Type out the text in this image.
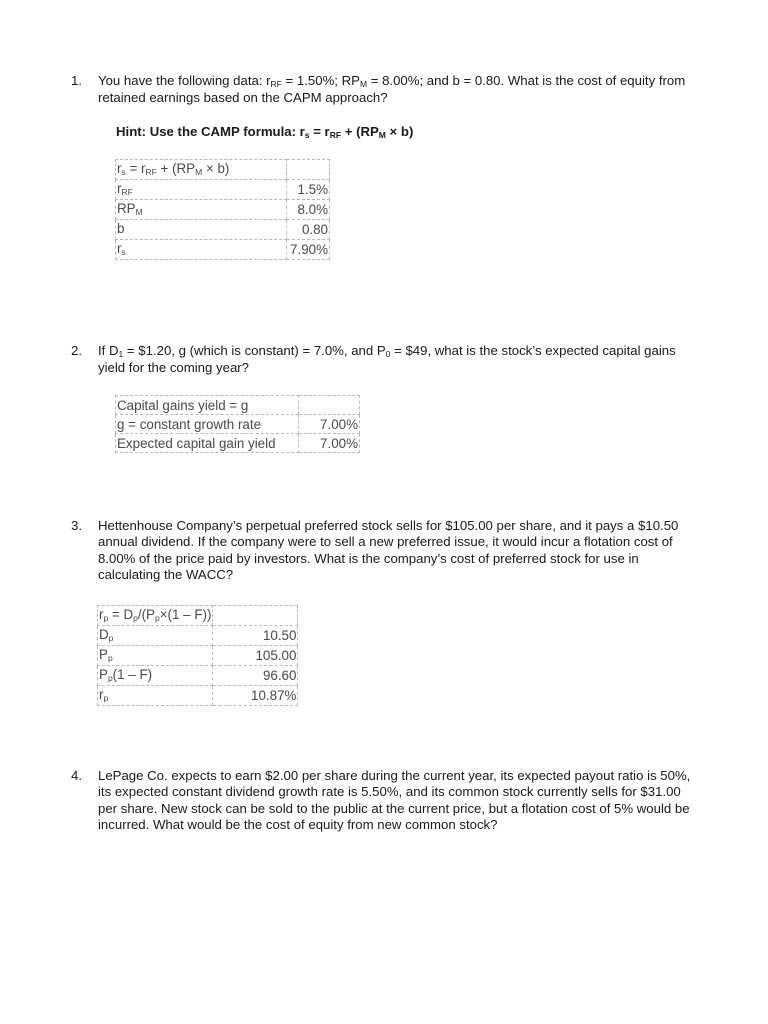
1. You have the following data: $r_{RF} = 1.50\%$; $RP_M = 8.00\%$; and b = 0.80. What is the cost of equity from retained earnings based on the CAPM approach?
Hint: Use the CAMP formula: $r_s = r_{RF} + (RP_M \times b)$
$r_s = r_{RF} + (RP_M \times b)$	
$r_{RF}$	1.5%
$RP_M$	8.0%
b	0.80
$r_s$	7.90%
2. If $D_1$ = $1.20, g (which is constant) = 7.0%, and $P_0$ = $49, what is the stock’s expected capital gains yield for the coming year?
Capital gains yield = g	
g = constant growth rate	7.00%
Expected capital gain yield	7.00%
3. Hettenhouse Company’s perpetual preferred stock sells for $105.00 per share, and it pays a $10.50 annual dividend. If the company were to sell a new preferred issue, it would incur a flotation cost of 8.00% of the price paid by investors. What is the company’s cost of preferred stock for use in calculating the WACC?
$r_p = D_p/(P_p\times(1 - F))$	
$D_p$	10.50
$P_p$	105.00
$P_p(1 - F)$	96.60
$r_p$	10.87%
4. LePage Co. expects to earn $2.00 per share during the current year, its expected payout ratio is 50%, its expected constant dividend growth rate is 5.50%, and its common stock currently sells for $31.00 per share. New stock can be sold to the public at the current price, but a flotation cost of 5% would be incurred. What would be the cost of equity from new common stock?
